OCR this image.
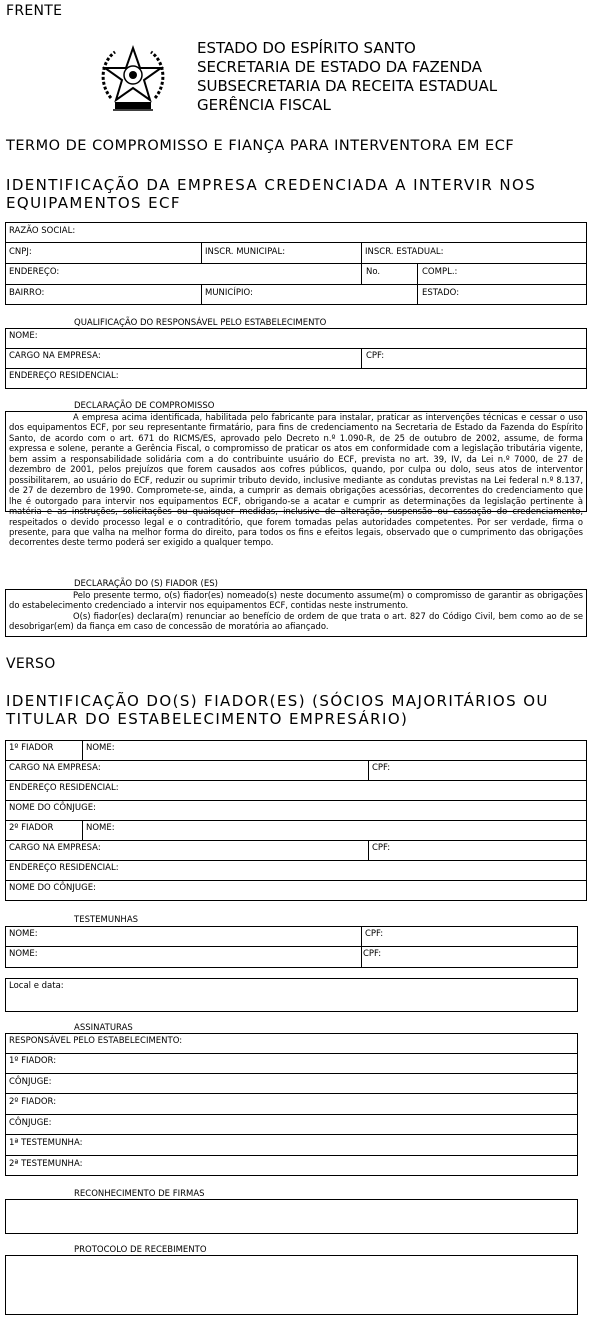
FRENTE
ESTADO DO ESPÍRITO SANTO
SECRETARIA DE ESTADO DA FAZENDA
SUBSECRETARIA DA RECEITA ESTADUAL
GERÊNCIA FISCAL
TERMO DE COMPROMISSO E FIANÇA PARA INTERVENTORA EM ECF
IDENTIFICAÇÃO DA EMPRESA CREDENCIADA A INTERVIR NOS
EQUIPAMENTOS ECF
RAZÃO SOCIAL:
CNPJ:	INSCR. MUNICIPAL:	INSCR. ESTADUAL:
ENDEREÇO:	No.	COMPL.:
BAIRRO:	MUNICÍPIO:	ESTADO:
QUALIFICAÇÃO DO RESPONSÁVEL PELO ESTABELECIMENTO
NOME:
CARGO NA EMPRESA:	CPF:
ENDEREÇO RESIDENCIAL:
DECLARAÇÃO DE COMPROMISSO

A empresa acima identificada, habilitada pelo fabricante para instalar, praticar as intervenções técnicas e cessar o uso dos equipamentos ECF, por seu representante firmatário, para fins de credenciamento na Secretaria de Estado da Fazenda do Espírito Santo, de acordo com o art. 671 do RICMS/ES, aprovado pelo Decreto n.º 1.090-R, de 25 de outubro de 2002, assume, de forma expressa e solene, perante a Gerência Fiscal, o compromisso de praticar os atos em conformidade com a legislação tributária vigente, bem assim a responsabilidade solidária com a do contribuinte usuário do ECF, prevista no art. 39, IV, da Lei n.º 7000, de 27 de dezembro de 2001, pelos prejuízos que forem causados aos cofres públicos, quando, por culpa ou dolo, seus atos de interventor possibilitarem, ao usuário do ECF, reduzir ou suprimir tributo devido, inclusive mediante as condutas previstas na Lei federal n.º 8.137, de 27 de dezembro de 1990. Compromete-se, ainda, a cumprir as demais obrigações acessórias, decorrentes do credenciamento que lhe é outorgado para intervir nos equipamentos ECF, obrigando-se a acatar e cumprir as determinações da legislação pertinente à matéria e as instruções, solicitações ou quaisquer medidas, inclusive de alteração, suspensão ou cassação do credenciamento, respeitados o devido processo legal e o contraditório, que forem tomadas pelas autoridades competentes. Por ser verdade, firma o presente, para que valha na melhor forma do direito, para todos os fins e efeitos legais, observado que o cumprimento das obrigações decorrentes deste termo poderá ser exigido a qualquer tempo.

DECLARAÇÃO DO (S) FIADOR (ES)

Pelo presente termo, o(s) fiador(es) nomeado(s) neste documento assume(m) o compromisso de garantir as obrigações do estabelecimento credenciado a intervir nos equipamentos ECF, contidas neste instrumento.

O(s) fiador(es) declara(m) renunciar ao benefício de ordem de que trata o art. 827 do Código Civil, bem como ao de se desobrigar(em) da fiança em caso de concessão de moratória ao afiançado.

VERSO
IDENTIFICAÇÃO DO(S) FIADOR(ES) (SÓCIOS MAJORITÁRIOS OU
TITULAR DO ESTABELECIMENTO EMPRESÁRIO)
1º FIADOR	NOME:
CARGO NA EMPRESA:	CPF:
ENDEREÇO RESIDENCIAL:
NOME DO CÔNJUGE:
2º FIADOR	NOME:
CARGO NA EMPRESA:	CPF:
ENDEREÇO RESIDENCIAL:
NOME DO CÔNJUGE:
TESTEMUNHAS
NOME:	CPF:
NOME:	CPF:
Local e data:
ASSINATURAS
RESPONSÁVEL PELO ESTABELECIMENTO:
1º FIADOR:
CÔNJUGE:
2º FIADOR:
CÔNJUGE:
1ª TESTEMUNHA:
2ª TESTEMUNHA:
RECONHECIMENTO DE FIRMAS
PROTOCOLO DE RECEBIMENTO
